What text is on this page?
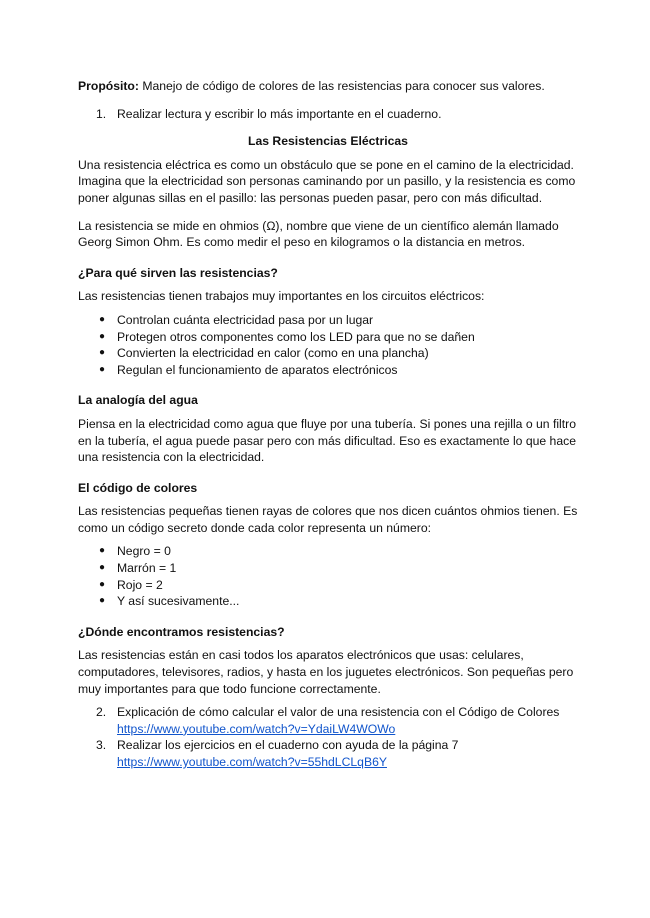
Propósito: Manejo de código de colores de las resistencias para conocer sus valores.

1. Realizar lectura y escribir lo más importante en el cuaderno.

Las Resistencias Eléctricas

Una resistencia eléctrica es como un obstáculo que se pone en el camino de la electricidad. Imagina que la electricidad son personas caminando por un pasillo, y la resistencia es como poner algunas sillas en el pasillo: las personas pueden pasar, pero con más dificultad.

La resistencia se mide en ohmios (Ω), nombre que viene de un científico alemán llamado Georg Simon Ohm. Es como medir el peso en kilogramos o la distancia en metros.

¿Para qué sirven las resistencias?

Las resistencias tienen trabajos muy importantes en los circuitos eléctricos:

● Controlan cuánta electricidad pasa por un lugar
● Protegen otros componentes como los LED para que no se dañen
● Convierten la electricidad en calor (como en una plancha)
● Regulan el funcionamiento de aparatos electrónicos
La analogía del agua

Piensa en la electricidad como agua que fluye por una tubería. Si pones una rejilla o un filtro en la tubería, el agua puede pasar pero con más dificultad. Eso es exactamente lo que hace una resistencia con la electricidad.

El código de colores

Las resistencias pequeñas tienen rayas de colores que nos dicen cuántos ohmios tienen. Es como un código secreto donde cada color representa un número:

● Negro = 0
● Marrón = 1
● Rojo = 2
● Y así sucesivamente...
¿Dónde encontramos resistencias?

Las resistencias están en casi todos los aparatos electrónicos que usas: celulares, computadores, televisores, radios, y hasta en los juguetes electrónicos. Son pequeñas pero muy importantes para que todo funcione correctamente.

2. Explicación de cómo calcular el valor de una resistencia con el Código de Colores
https://www.youtube.com/watch?v=YdaiLW4WOWo
3. Realizar los ejercicios en el cuaderno con ayuda de la página 7
https://www.youtube.com/watch?v=55hdLCLqB6Y
